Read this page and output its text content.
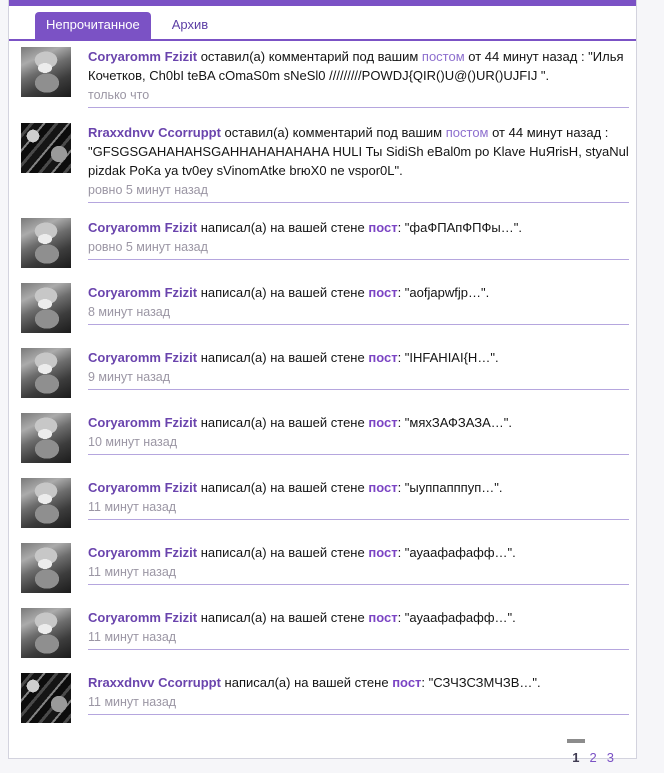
Непрочитанное	Архив
Coryaromm Fzizit оставил(а) комментарий под вашим постом от 44 минут назад : "Илья Кочетков, Ch0bI teBA cOmaS0m sNeSl0 /////////POWDJ{QIR()U@()UR()UJFIJ ".
только что
Rraxxdnvv Ccorruppt оставил(а) комментарий под вашим постом от 44 минут назад : "GFSGSGAHAHAHSGAHHAHAHAHAHA HULI Ты SidiSh eBal0m po Klave HuЯrisH, styaNul pizdak PoKa ya tv0ey sVinomAtke brюX0 ne vspor0L".
ровно 5 минут назад
Coryaromm Fzizit написал(а) на вашей стене пост: "фаФПАпФПФы…".
ровно 5 минут назад
Coryaromm Fzizit написал(а) на вашей стене пост: "aofjapwfjp…".
8 минут назад
Coryaromm Fzizit написал(а) на вашей стене пост: "IHFAHIAI{H…".
9 минут назад
Coryaromm Fzizit написал(а) на вашей стене пост: "мяхЗАФЗАЗА…".
10 минут назад
Coryaromm Fzizit написал(а) на вашей стене пост: "ыуппапппуп…".
11 минут назад
Coryaromm Fzizit написал(а) на вашей стене пост: "ауаафафафф…".
11 минут назад
Coryaromm Fzizit написал(а) на вашей стене пост: "ауаафафафф…".
11 минут назад
Rraxxdnvv Ccorruppt написал(а) на вашей стене пост: "СЗЧЗСЗМЧЗВ…".
11 минут назад
1 2 3
